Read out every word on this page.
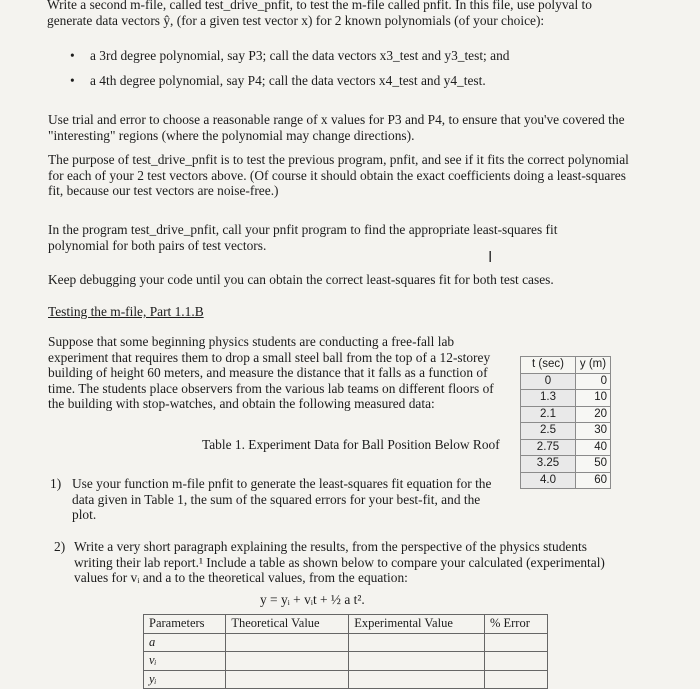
Write a second m-file, called test_drive_pnfit, to test the m-file called pnfit. In this file, use polyval to

generate data vectors ŷ, (for a given test vector x) for 2 known polynomials (of your choice):

• a 3rd degree polynomial, say P3; call the data vectors x3_test and y3_test; and
• a 4th degree polynomial, say P4; call the data vectors x4_test and y4_test.

Use trial and error to choose a reasonable range of x values for P3 and P4, to ensure that you've covered the "interesting" regions (where the polynomial may change directions).

The purpose of test_drive_pnfit is to test the previous program, pnfit, and see if it fits the correct polynomial for each of your 2 test vectors above. (Of course it should obtain the exact coefficients doing a least-squares fit, because our test vectors are noise-free.)

In the program test_drive_pnfit, call your pnfit program to find the appropriate least-squares fit polynomial for both pairs of test vectors.

I

Keep debugging your code until you can obtain the correct least-squares fit for both test cases.

Testing the m-file, Part 1.1.B

Suppose that some beginning physics students are conducting a free-fall lab experiment that requires them to drop a small steel ball from the top of a 12-storey building of height 60 meters, and measure the distance that it falls as a function of time. The students place observers from the various lab teams on different floors of the building with stop-watches, and obtain the following measured data:

t (sec)	y (m)
0	0
1.3	10
2.1	20
2.5	30
2.75	40
3.25	50
4.0	60

Table 1. Experiment Data for Ball Position Below Roof

1) Use your function m-file pnfit to generate the least-squares fit equation for the data given in Table 1, the sum of the squared errors for your best-fit, and the plot.

2) Write a very short paragraph explaining the results, from the perspective of the physics students writing their lab report.¹ Include a table as shown below to compare your calculated (experimental) values for vᵢ and a to the theoretical values, from the equation:

y = yᵢ + vᵢt + ½ a t².

Parameters	Theoretical Value	Experimental Value	% Error
a			
vᵢ			
yᵢ			
